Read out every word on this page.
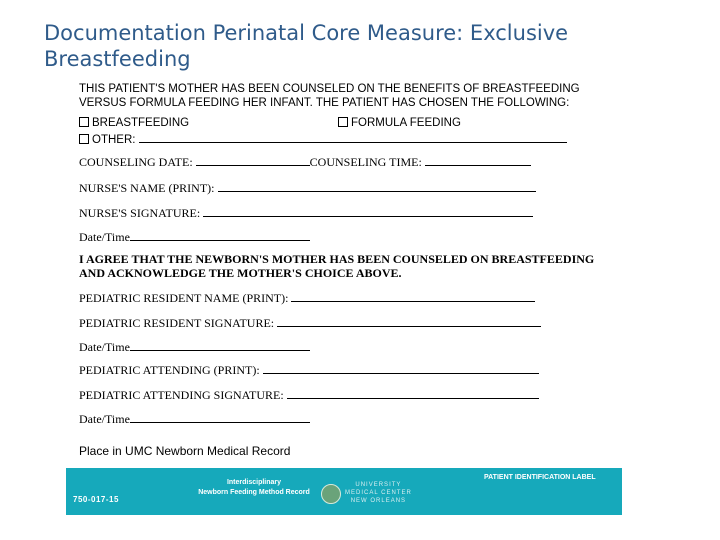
Documentation Perinatal Core Measure: Exclusive Breastfeeding
THIS PATIENT'S MOTHER HAS BEEN COUNSELED ON THE BENEFITS OF BREASTFEEDING
VERSUS FORMULA FEEDING HER INFANT. THE PATIENT HAS CHOSEN THE FOLLOWING:
BREASTFEEDING	FORMULA FEEDING
OTHER:
COUNSELING DATE:	COUNSELING TIME:
NURSE'S NAME (PRINT):
NURSE'S SIGNATURE:
Date/Time
I AGREE THAT THE NEWBORN'S MOTHER HAS BEEN COUNSELED ON BREASTFEEDING
AND ACKNOWLEDGE THE MOTHER'S CHOICE ABOVE.
PEDIATRIC RESIDENT NAME (PRINT):
PEDIATRIC RESIDENT SIGNATURE:
Date/Time
PEDIATRIC ATTENDING (PRINT):
PEDIATRIC ATTENDING SIGNATURE:
Date/Time
Place in UMC Newborn Medical Record
750-017-15
Interdisciplinary
Newborn Feeding Method Record
UNIVERSITY
MEDICAL CENTER
NEW ORLEANS
PATIENT IDENTIFICATION LABEL
